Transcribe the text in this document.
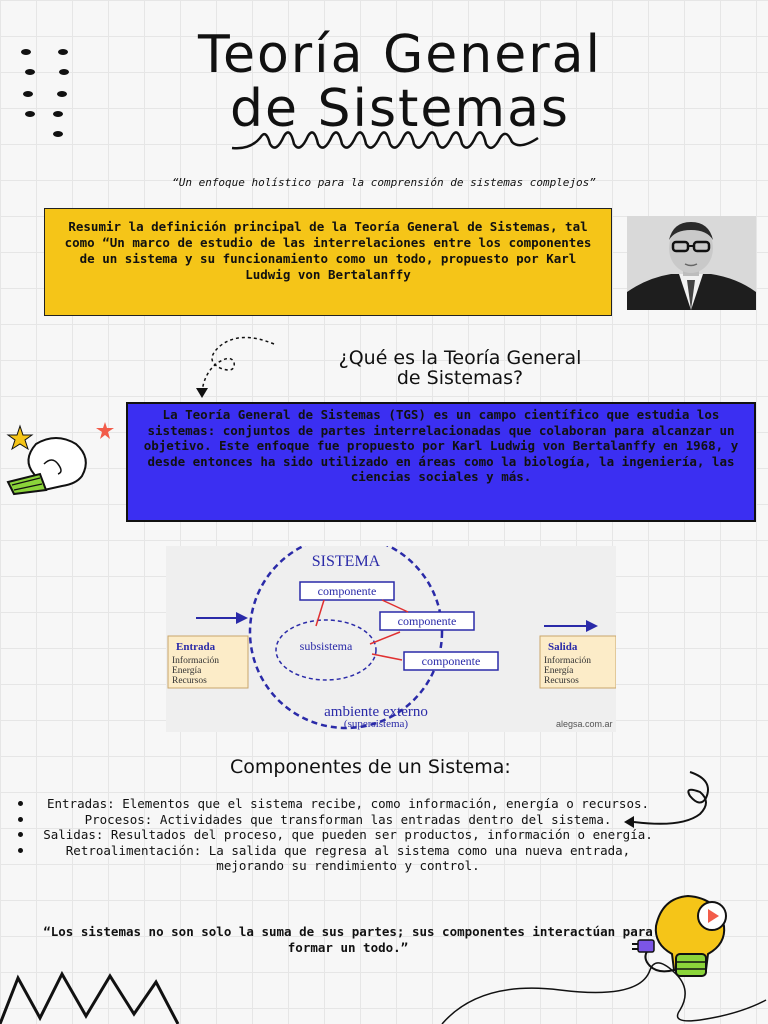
Teoría General
de Sistemas
“Un enfoque holístico para la comprensión de sistemas complejos”
Resumir la definición principal de la Teoría General de Sistemas, tal como “Un marco de estudio de las interrelaciones entre los componentes de un sistema y su funcionamiento como un todo, propuesto por Karl Ludwig von Bertalanffy
¿Qué es la Teoría General
de Sistemas?
La Teoría General de Sistemas (TGS) es un campo científico que estudia los sistemas: conjuntos de partes interrelacionadas que colaboran para alcanzar un objetivo. Este enfoque fue propuesto por Karl Ludwig von Bertalanffy en 1968, y desde entonces ha sido utilizado en áreas como la biología, la ingeniería, las ciencias sociales y más.
SISTEMA
componente
componente
componente
subsistema
Entrada
Información
Energía
Recursos
Salida
Información
Energía
Recursos
ambiente externo
(supersistema)	alegsa.com.ar
Componentes de un Sistema:
Entradas: Elementos que el sistema recibe, como información, energía o recursos.
Procesos: Actividades que transforman las entradas dentro del sistema.
Salidas: Resultados del proceso, que pueden ser productos, información o energía.
Retroalimentación: La salida que regresa al sistema como una nueva entrada, mejorando su rendimiento y control.
“Los sistemas no son solo la suma de sus partes; sus componentes interactúan para formar un todo.”
